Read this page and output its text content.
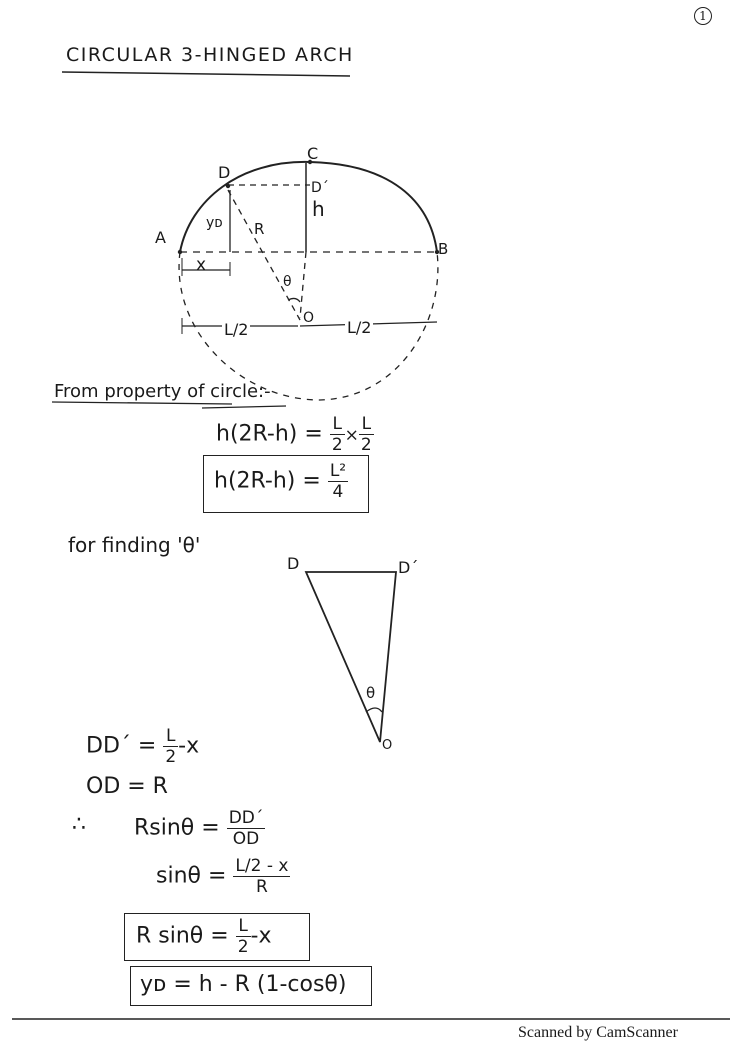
1
CIRCULAR 3-HINGED ARCH
C
D
D´
A
B
O
yᴅ R
h
x
θ
L/2	L/2
From property of circle:-
$h(2R-h) = \frac{L}{2} \times \frac{L}{2}$
$h(2R-h) = \frac{\text{L²}}{4}$
for finding 'θ'
D	D´
θ
O
DD´ = $\frac{L}{2} -x$
OD = R
∴ $Rsin\theta = \frac{DD´}{OD}$
$\sin\theta = \frac{L/2 - x}{R}$
R $\sin\theta = \frac{L}{2} -x$
yᴅ = h - R (1-cosθ)
Scanned by CamScanner
